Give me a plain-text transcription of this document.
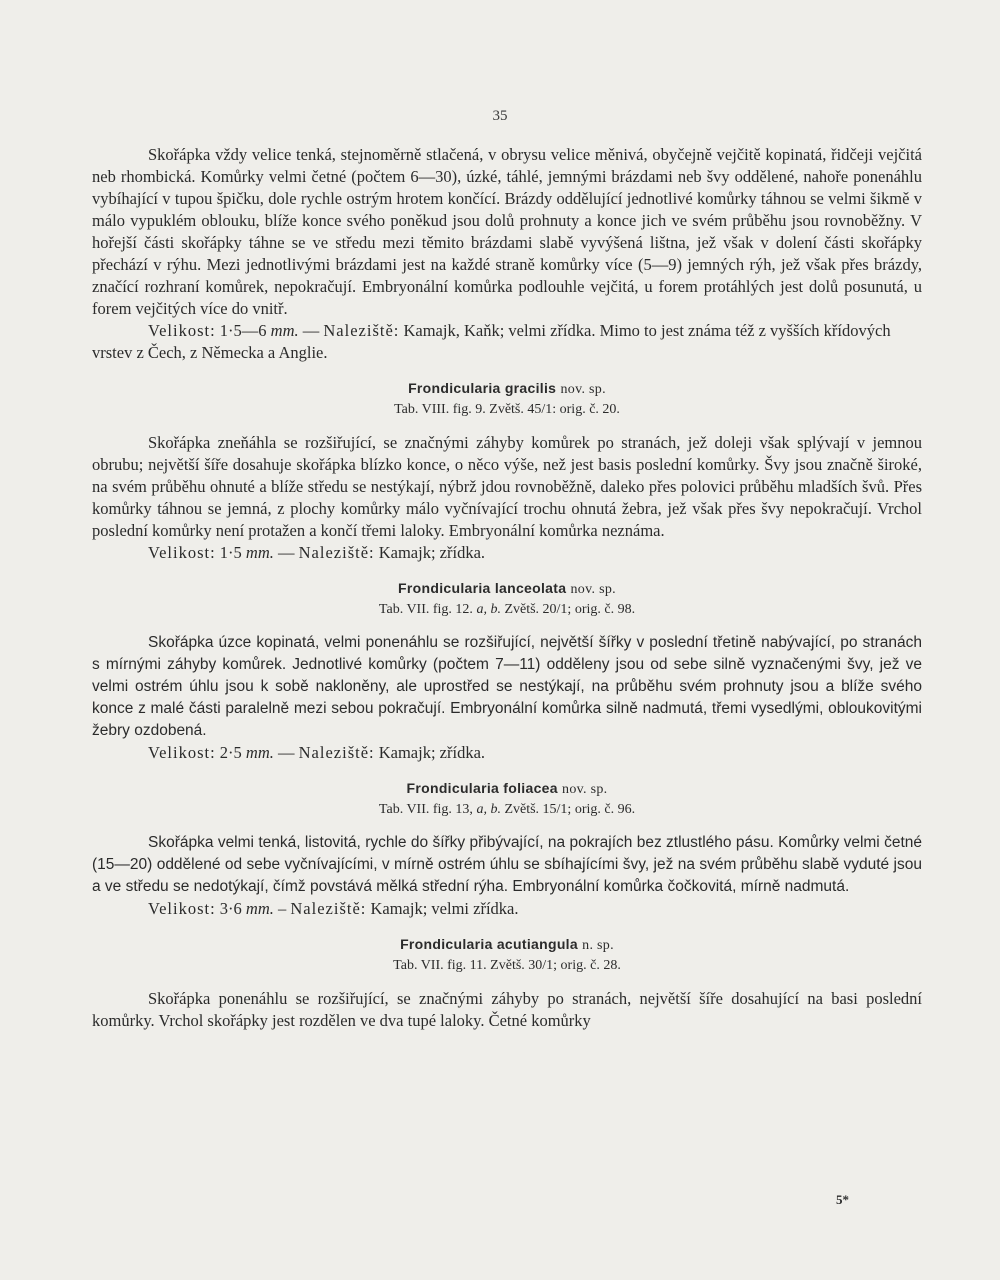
35

Skořápka vždy velice tenká, stejnoměrně stlačená, v obrysu velice měnivá, obyčejně vejčitě kopinatá, řidčeji vejčitá neb rhombická. Komůrky velmi četné (počtem 6—30), úzké, táhlé, jemnými brázdami neb švy oddělené, nahoře ponenáhlu vybíhající v tupou špičku, dole rychle ostrým hrotem končící. Brázdy oddělující jednotlivé komůrky táhnou se velmi šikmě v málo vypuklém oblouku, blíže konce svého poněkud jsou dolů prohnuty a konce jich ve svém průběhu jsou rovnoběžny. V hořejší části skořápky táhne se ve středu mezi těmito brázdami slabě vyvýšená lištna, jež však v dolení části skořápky přechází v rýhu. Mezi jednotlivými brázdami jest na každé straně komůrky více (5—9) jemných rýh, jež však přes brázdy, značící rozhraní komůrek, nepokračují. Embryonální komůrka podlouhle vejčitá, u forem protáhlých jest dolů posunutá, u forem vejčitých více do vnitř.

Velikost: 1·5—6 mm. — Naleziště: Kamajk, Kaňk; velmi zřídka. Mimo to jest známa též z vyšších křídových vrstev z Čech, z Německa a Anglie.

Frondicularia gracilis nov. sp.
Tab. VIII. fig. 9. Zvětš. 45/1: orig. č. 20.

Skořápka zneňáhla se rozšiřující, se značnými záhyby komůrek po stranách, jež doleji však splývají v jemnou obrubu; největší šíře dosahuje skořápka blízko konce, o něco výše, než jest basis poslední komůrky. Švy jsou značně široké, na svém průběhu ohnuté a blíže středu se nestýkají, nýbrž jdou rovnoběžně, daleko přes polovici průběhu mladších švů. Přes komůrky táhnou se jemná, z plochy komůrky málo vyčnívající trochu ohnutá žebra, jež však přes švy nepokračují. Vrchol poslední komůrky není protažen a končí třemi laloky. Embryonální komůrka neznáma.

Velikost: 1·5 mm. — Naleziště: Kamajk; zřídka.

Frondicularia lanceolata nov. sp.
Tab. VII. fig. 12. a, b. Zvětš. 20/1; orig. č. 98.

Skořápka úzce kopinatá, velmi ponenáhlu se rozšiřující, největší šířky v poslední třetině nabývající, po stranách s mírnými záhyby komůrek. Jednotlivé komůrky (počtem 7—11) odděleny jsou od sebe silně vyznačenými švy, jež ve velmi ostrém úhlu jsou k sobě nakloněny, ale uprostřed se nestýkají, na průběhu svém prohnuty jsou a blíže svého konce z malé části paralelně mezi sebou pokračují. Embryonální komůrka silně nadmutá, třemi vysedlými, obloukovitými žebry ozdobená.

Velikost: 2·5 mm. — Naleziště: Kamajk; zřídka.

Frondicularia foliacea nov. sp.
Tab. VII. fig. 13, a, b. Zvětš. 15/1; orig. č. 96.

Skořápka velmi tenká, listovitá, rychle do šířky přibývající, na pokrajích bez ztlustlého pásu. Komůrky velmi četné (15—20) oddělené od sebe vyčnívajícími, v mírně ostrém úhlu se sbíhajícími švy, jež na svém průběhu slabě vyduté jsou a ve středu se nedotýkají, čímž povstává mělká střední rýha. Embryonální komůrka čočkovitá, mírně nadmutá.

Velikost: 3·6 mm. – Naleziště: Kamajk; velmi zřídka.

Frondicularia acutiangula n. sp.
Tab. VII. fig. 11. Zvětš. 30/1; orig. č. 28.

Skořápka ponenáhlu se rozšiřující, se značnými záhyby po stranách, největší šíře dosahující na basi poslední komůrky. Vrchol skořápky jest rozdělen ve dva tupé laloky. Četné komůrky

5*
